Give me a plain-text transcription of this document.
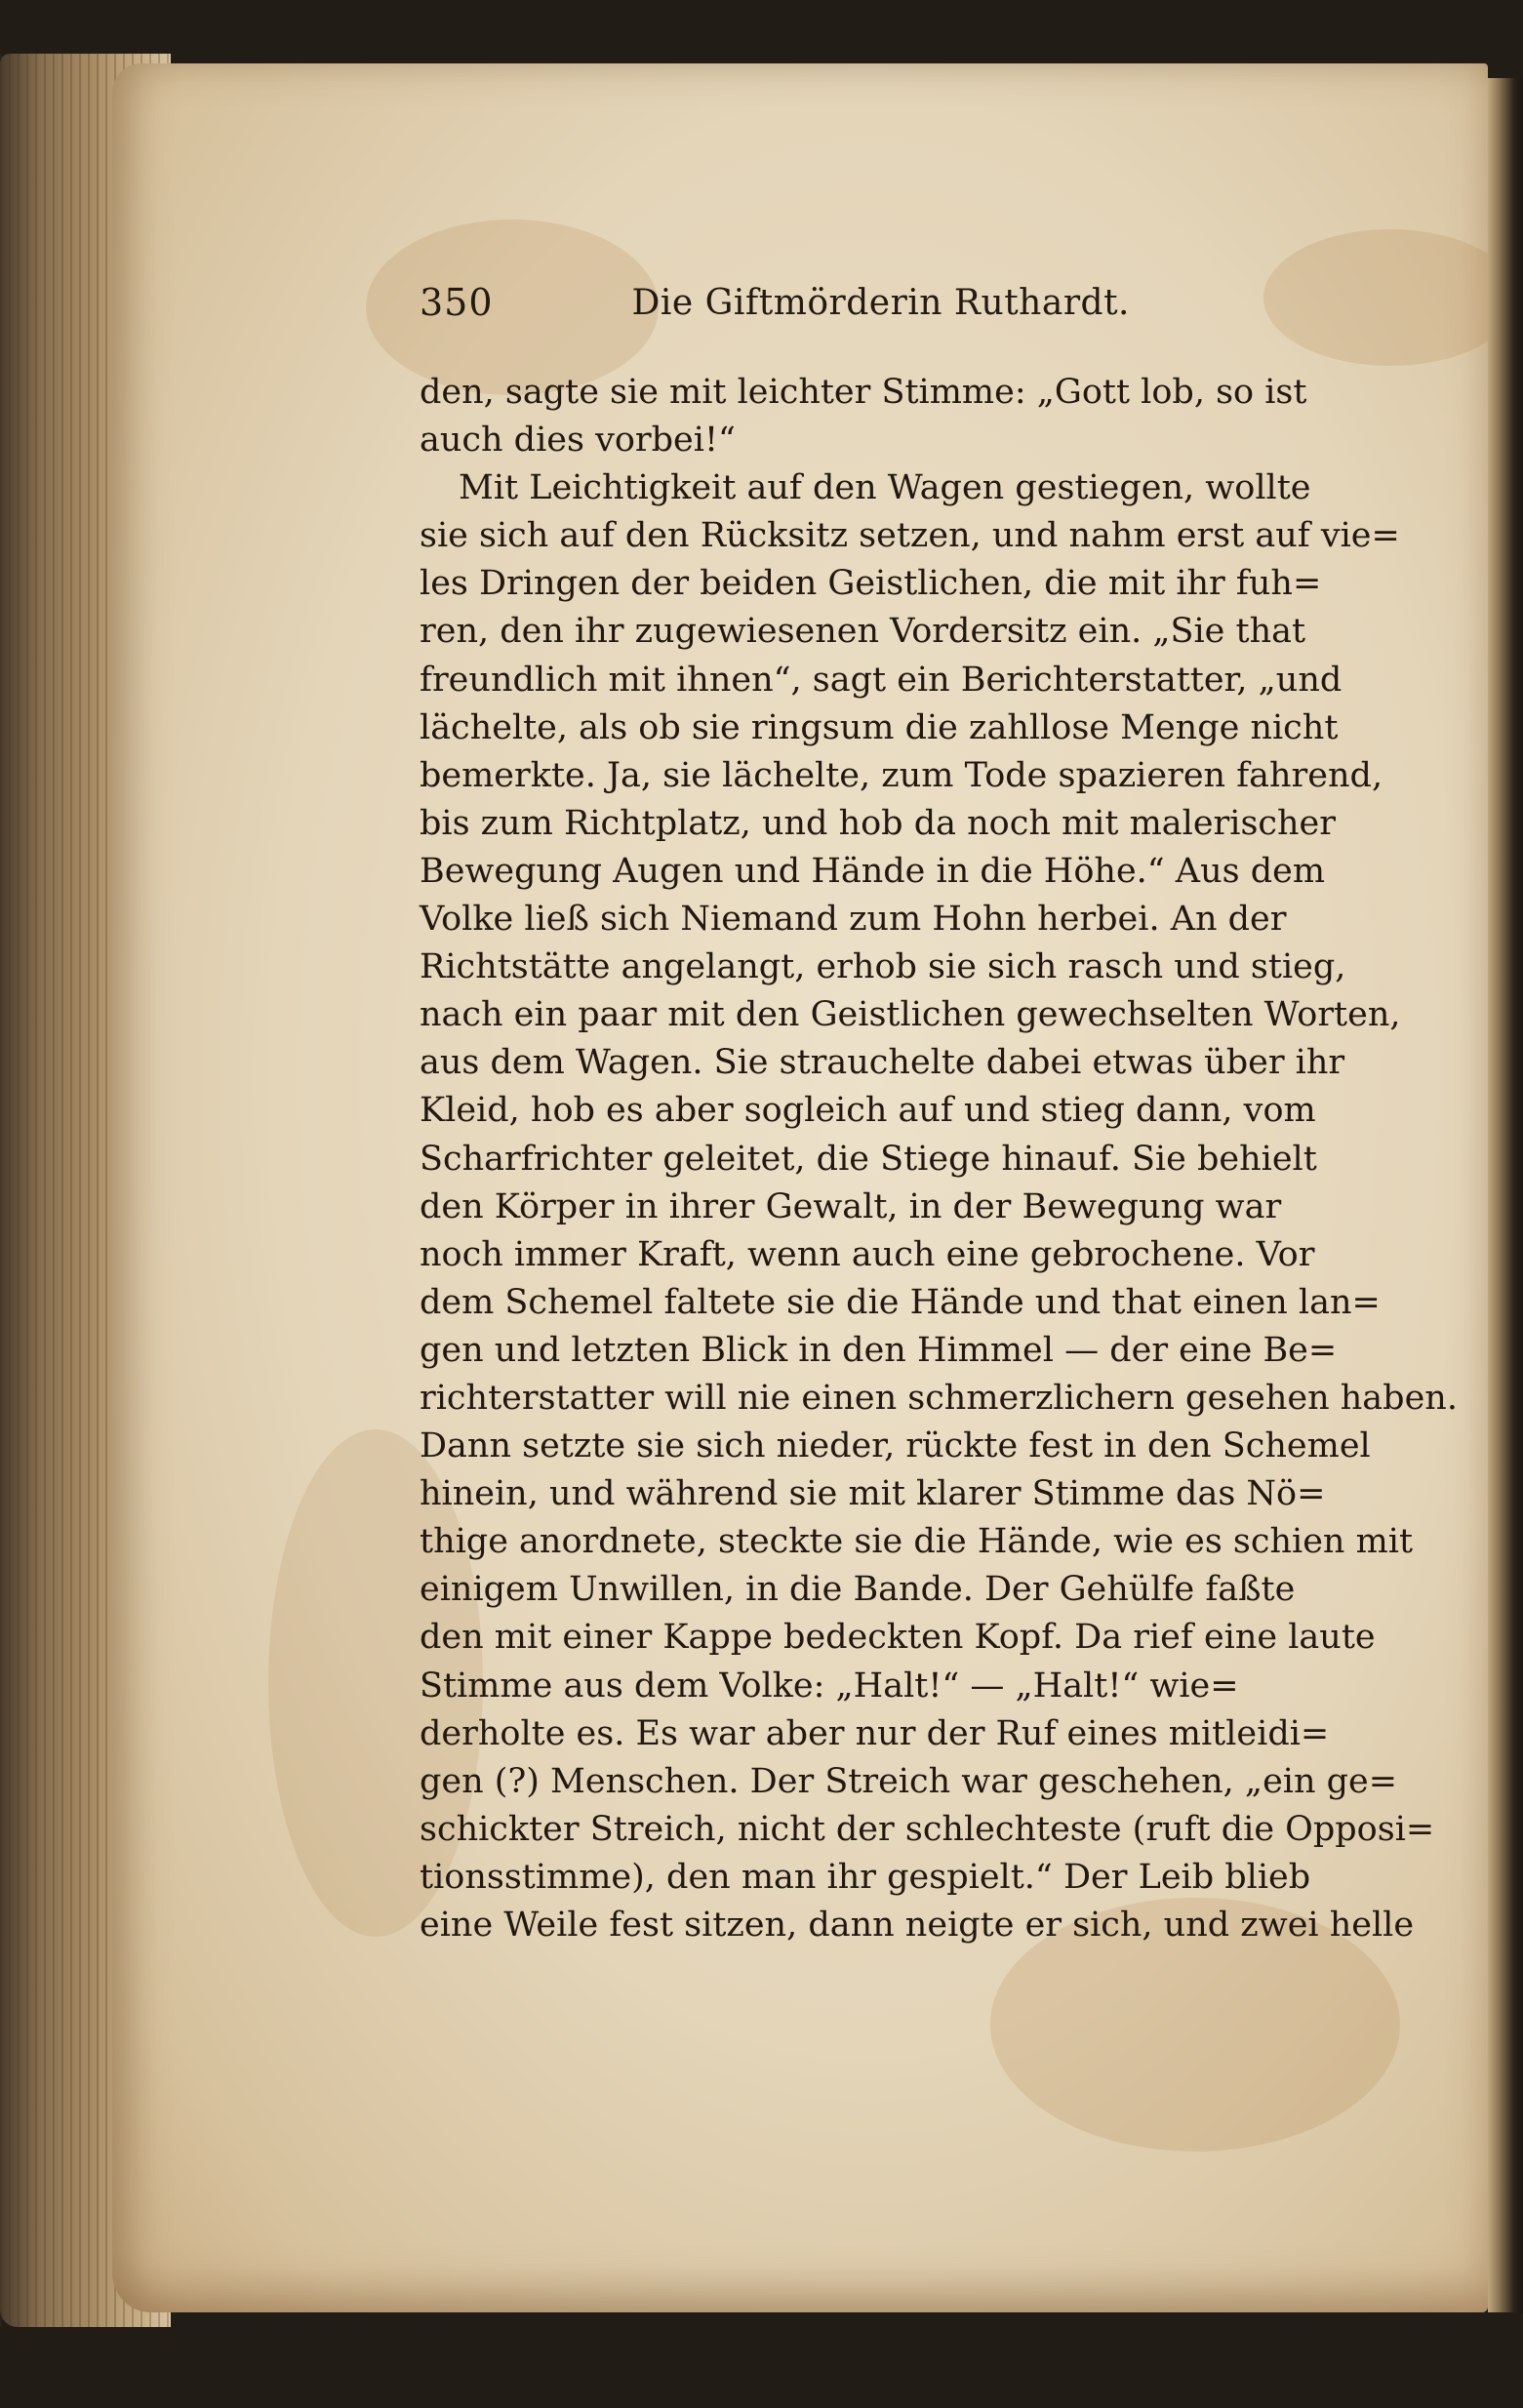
350	Die Giftmörderin Ruthardt.
den, sagte sie mit leichter Stimme: „Gott lob, so ist
auch dies vorbei!“
Mit Leichtigkeit auf den Wagen gestiegen, wollte
sie sich auf den Rücksitz setzen, und nahm erst auf vie=
les Dringen der beiden Geistlichen, die mit ihr fuh=
ren, den ihr zugewiesenen Vordersitz ein. „Sie that
freundlich mit ihnen“, sagt ein Berichterstatter, „und
lächelte, als ob sie ringsum die zahllose Menge nicht
bemerkte. Ja, sie lächelte, zum Tode spazieren fahrend,
bis zum Richtplatz, und hob da noch mit malerischer
Bewegung Augen und Hände in die Höhe.“ Aus dem
Volke ließ sich Niemand zum Hohn herbei. An der
Richtstätte angelangt, erhob sie sich rasch und stieg,
nach ein paar mit den Geistlichen gewechselten Worten,
aus dem Wagen. Sie strauchelte dabei etwas über ihr
Kleid, hob es aber sogleich auf und stieg dann, vom
Scharfrichter geleitet, die Stiege hinauf. Sie behielt
den Körper in ihrer Gewalt, in der Bewegung war
noch immer Kraft, wenn auch eine gebrochene. Vor
dem Schemel faltete sie die Hände und that einen lan=
gen und letzten Blick in den Himmel — der eine Be=
richterstatter will nie einen schmerzlichern gesehen haben.
Dann setzte sie sich nieder, rückte fest in den Schemel
hinein, und während sie mit klarer Stimme das Nö=
thige anordnete, steckte sie die Hände, wie es schien mit
einigem Unwillen, in die Bande. Der Gehülfe faßte
den mit einer Kappe bedeckten Kopf. Da rief eine laute
Stimme aus dem Volke: „Halt!“ — „Halt!“ wie=
derholte es. Es war aber nur der Ruf eines mitleidi=
gen (?) Menschen. Der Streich war geschehen, „ein ge=
schickter Streich, nicht der schlechteste (ruft die Opposi=
tionsstimme), den man ihr gespielt.“ Der Leib blieb
eine Weile fest sitzen, dann neigte er sich, und zwei helle
